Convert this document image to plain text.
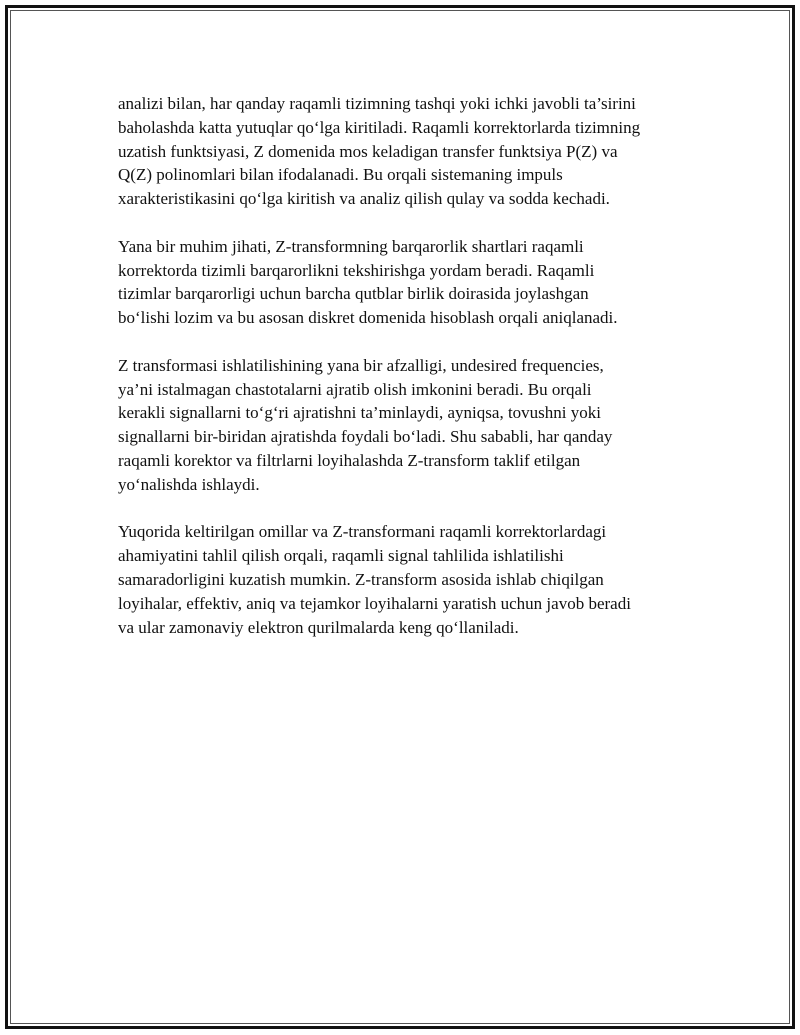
analizi bilan, har qanday raqamli tizimning tashqi yoki ichki javobli ta’sirini
baholashda katta yutuqlar qo‘lga kiritiladi. Raqamli korrektorlarda tizimning
uzatish funktsiyasi, Z domenida mos keladigan transfer funktsiya P(Z) va
Q(Z) polinomlari bilan ifodalanadi. Bu orqali sistemaning impuls
xarakteristikasini qo‘lga kiritish va analiz qilish qulay va sodda kechadi.

Yana bir muhim jihati, Z-transformning barqarorlik shartlari raqamli
korrektorda tizimli barqarorlikni tekshirishga yordam beradi. Raqamli
tizimlar barqarorligi uchun barcha qutblar birlik doirasida joylashgan
bo‘lishi lozim va bu asosan diskret domenida hisoblash orqali aniqlanadi.

Z transformasi ishlatilishining yana bir afzalligi, undesired frequencies,
ya’ni istalmagan chastotalarni ajratib olish imkonini beradi. Bu orqali
kerakli signallarni to‘g‘ri ajratishni ta’minlaydi, ayniqsa, tovushni yoki
signallarni bir-biridan ajratishda foydali bo‘ladi. Shu sababli, har qanday
raqamli korektor va filtrlarni loyihalashda Z-transform taklif etilgan
yo‘nalishda ishlaydi.

Yuqorida keltirilgan omillar va Z-transformani raqamli korrektorlardagi
ahamiyatini tahlil qilish orqali, raqamli signal tahlilida ishlatilishi
samaradorligini kuzatish mumkin. Z-transform asosida ishlab chiqilgan
loyihalar, effektiv, aniq va tejamkor loyihalarni yaratish uchun javob beradi
va ular zamonaviy elektron qurilmalarda keng qo‘llaniladi.
